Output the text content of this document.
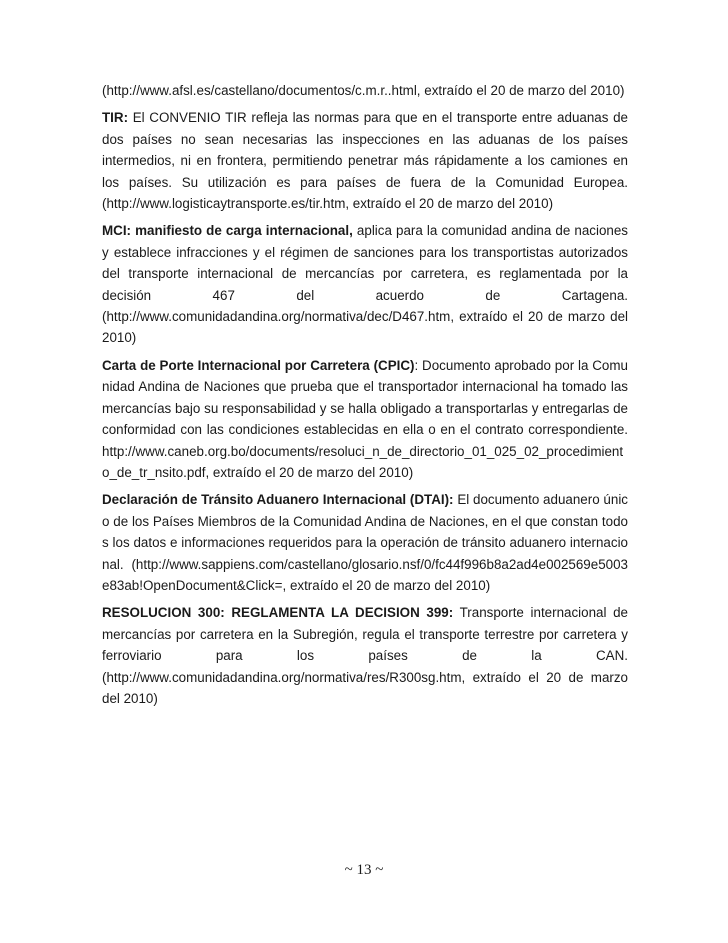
(http://www.afsl.es/castellano/documentos/c.m.r..html, extraído el 20 de marzo del 2010)

TIR: El CONVENIO TIR refleja las normas para que en el transporte entre aduanas de dos países no sean necesarias las inspecciones en las aduanas de los países intermedios, ni en frontera, permitiendo penetrar más rápidamente a los camiones en los países. Su utilización es para países de fuera de la Comunidad Europea. (http://www.logisticaytransporte.es/tir.htm, extraído el 20 de marzo del 2010)

MCI: manifiesto de carga internacional, aplica para la comunidad andina de naciones y establece infracciones y el régimen de sanciones para los transportistas autorizados del transporte internacional de mercancías por carretera, es reglamentada por la decisión 467 del acuerdo de Cartagena. (http://www.comunidadandina.org/normativa/dec/D467.htm, extraído el 20 de marzo del 2010)

Carta de Porte Internacional por Carretera (CPIC): Documento aprobado por la Comunidad Andina de Naciones que prueba que el transportador internacional ha tomado las mercancías bajo su responsabilidad y se halla obligado a transportarlas y entregarlas de conformidad con las condiciones establecidas en ella o en el contrato correspondiente. http://www.caneb.org.bo/documents/resoluci_n_de_directorio_01_025_02_procedimiento_de_tr_nsito.pdf, extraído el 20 de marzo del 2010)

Declaración de Tránsito Aduanero Internacional (DTAI): El documento aduanero único de los Países Miembros de la Comunidad Andina de Naciones, en el que constan todos los datos e informaciones requeridos para la operación de tránsito aduanero internacional. (http://www.sappiens.com/castellano/glosario.nsf/0/fc44f996b8a2ad4e002569e5003e83ab!OpenDocument&Click=, extraído el 20 de marzo del 2010)

RESOLUCION 300: REGLAMENTA LA DECISION 399: Transporte internacional de mercancías por carretera en la Subregión, regula el transporte terrestre por carretera y ferroviario para los países de la CAN. (http://www.comunidadandina.org/normativa/res/R300sg.htm, extraído el 20 de marzo del 2010)

~ 13 ~
